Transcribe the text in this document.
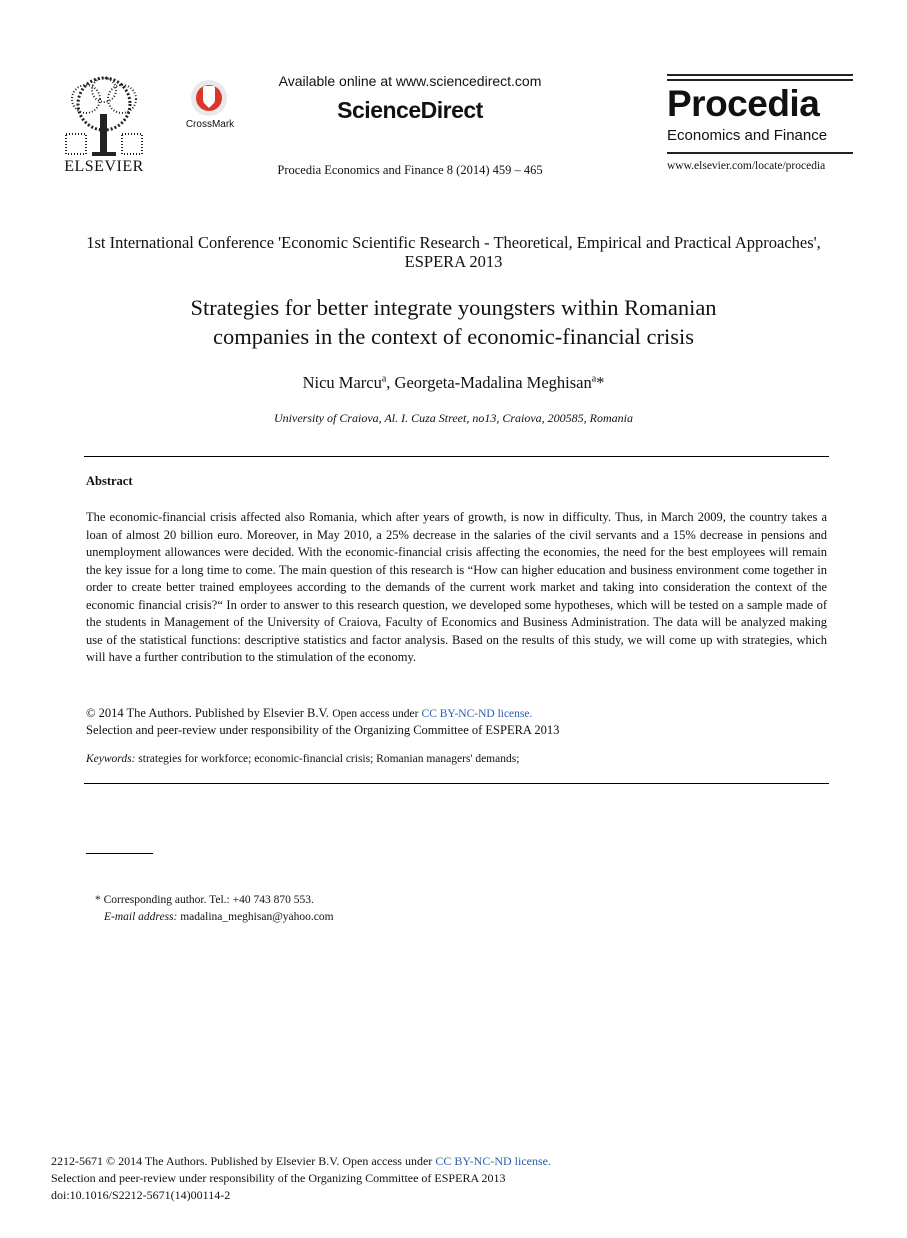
ELSEVIER
CrossMark
Available online at www.sciencedirect.com
ScienceDirect
Procedia Economics and Finance 8 (2014) 459 – 465
Procedia
Economics and Finance
www.elsevier.com/locate/procedia
1st International Conference 'Economic Scientific Research - Theoretical, Empirical and Practical Approaches', ESPERA 2013
Strategies for better integrate youngsters within Romanian
companies in the context of economic-financial crisis
Nicu Marcu$^a$, Georgeta-Madalina Meghisan$^a$*
University of Craiova, Al. I. Cuza Street, no13, Craiova, 200585, Romania
Abstract
The economic-financial crisis affected also Romania, which after years of growth, is now in difficulty. Thus, in March 2009, the country takes a loan of almost 20 billion euro. Moreover, in May 2010, a 25% decrease in the salaries of the civil servants and a 15% decrease in pensions and unemployment allowances were decided. With the economic-financial crisis affecting the economies, the need for the best employees will remain the key issue for a long time to come. The main question of this research is “How can higher education and business environment come together in order to create better trained employees according to the demands of the current work market and taking into consideration the context of the economic financial crisis?“ In order to answer to this research question, we developed some hypotheses, which will be tested on a sample made of the students in Management of the University of Craiova, Faculty of Economics and Business Administration. The data will be analyzed making use of the statistical functions: descriptive statistics and factor analysis. Based on the results of this study, we will come up with strategies, which will have a further contribution to the stimulation of the economy.
© 2014 The Authors. Published by Elsevier B.V. Open access under CC BY-NC-ND license.
Selection and peer-review under responsibility of the Organizing Committee of ESPERA 2013
Keywords: strategies for workforce; economic-financial crisis; Romanian managers' demands;
* Corresponding author. Tel.: +40 743 870 553.
E-mail address: madalina_meghisan@yahoo.com
2212-5671 © 2014 The Authors. Published by Elsevier B.V. Open access under CC BY-NC-ND license.
Selection and peer-review under responsibility of the Organizing Committee of ESPERA 2013
doi:10.1016/S2212-5671(14)00114-2
